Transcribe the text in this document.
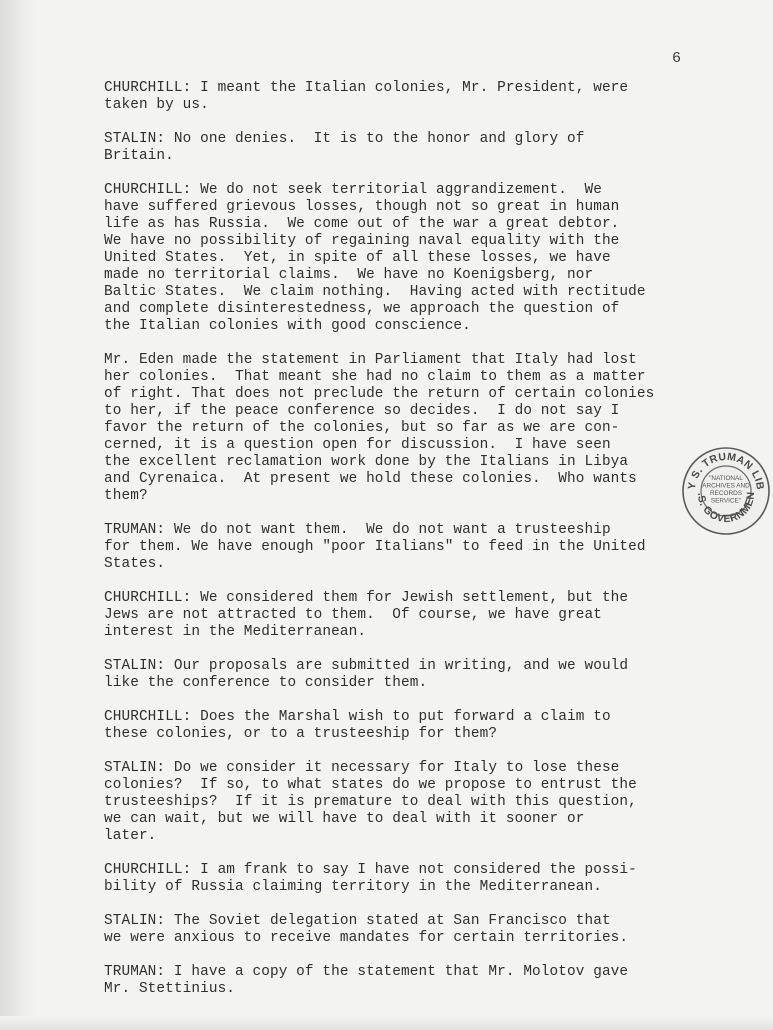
6
CHURCHILL: I meant the Italian colonies, Mr. President, were
taken by us.
STALIN: No one denies.  It is to the honor and glory of
Britain.
CHURCHILL: We do not seek territorial aggrandizement.  We
have suffered grievous losses, though not so great in human
life as has Russia.  We come out of the war a great debtor.
We have no possibility of regaining naval equality with the
United States.  Yet, in spite of all these losses, we have
made no territorial claims.  We have no Koenigsberg, nor
Baltic States.  We claim nothing.  Having acted with rectitude
and complete disinterestedness, we approach the question of
the Italian colonies with good conscience.
Mr. Eden made the statement in Parliament that Italy had lost
her colonies.  That meant she had no claim to them as a matter
of right. That does not preclude the return of certain colonies
to her, if the peace conference so decides.  I do not say I
favor the return of the colonies, but so far as we are con-
cerned, it is a question open for discussion.  I have seen
the excellent reclamation work done by the Italians in Libya
and Cyrenaica.  At present we hold these colonies.  Who wants
them?
TRUMAN: We do not want them.  We do not want a trusteeship
for them. We have enough "poor Italians" to feed in the United
States.
CHURCHILL: We considered them for Jewish settlement, but the
Jews are not attracted to them.  Of course, we have great
interest in the Mediterranean.
STALIN: Our proposals are submitted in writing, and we would
like the conference to consider them.
CHURCHILL: Does the Marshal wish to put forward a claim to
these colonies, or to a trusteeship for them?
STALIN: Do we consider it necessary for Italy to lose these
colonies?  If so, to what states do we propose to entrust the
trusteeships?  If it is premature to deal with this question,
we can wait, but we will have to deal with it sooner or
later.
CHURCHILL: I am frank to say I have not considered the possi-
bility of Russia claiming territory in the Mediterranean.
STALIN: The Soviet delegation stated at San Francisco that
we were anxious to receive mandates for certain territories.
TRUMAN: I have a copy of the statement that Mr. Molotov gave
Mr. Stettinius.
Y S. TRUMAN LIB
.S. GOVERNMEN
"NATIONAL
ARCHIVES AND
RECORDS
SERVICE"
